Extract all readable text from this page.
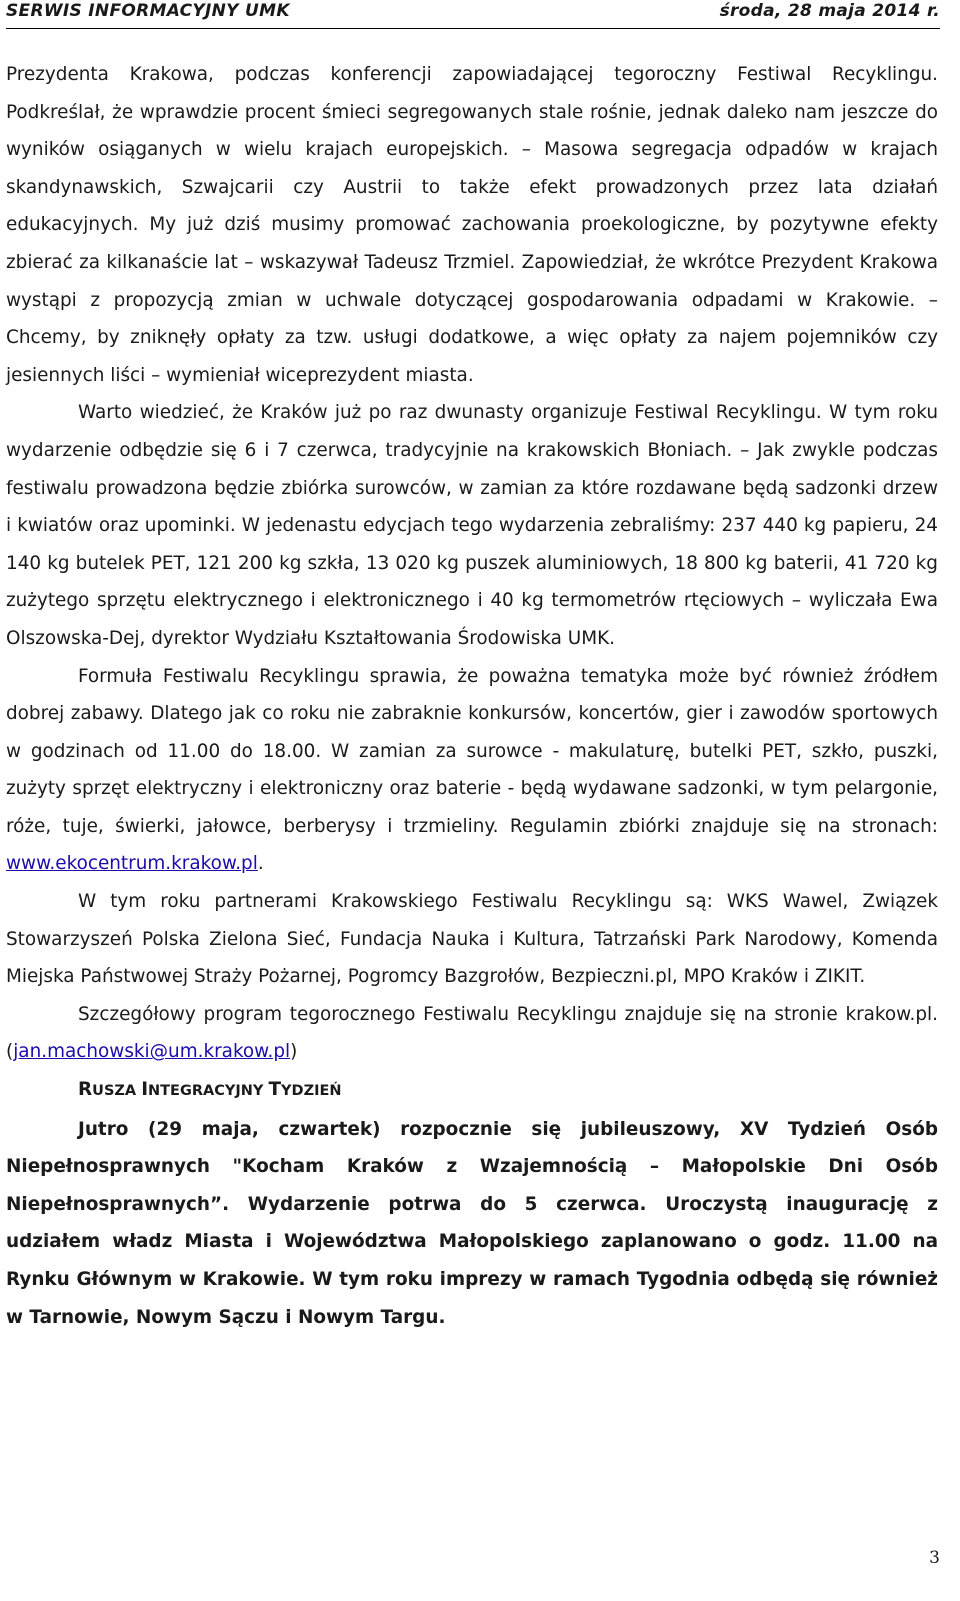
SERWIS INFORMACYJNY UMK	środa, 28 maja 2014 r.

Prezydenta Krakowa, podczas konferencji zapowiadającej tegoroczny Festiwal Recyklingu. Podkreślał, że wprawdzie procent śmieci segregowanych stale rośnie, jednak daleko nam jeszcze do wyników osiąganych w wielu krajach europejskich. – Masowa segregacja odpadów w krajach skandynawskich, Szwajcarii czy Austrii to także efekt prowadzonych przez lata działań edukacyjnych. My już dziś musimy promować zachowania proekologiczne, by pozytywne efekty zbierać za kilkanaście lat – wskazywał Tadeusz Trzmiel. Zapowiedział, że wkrótce Prezydent Krakowa wystąpi z propozycją zmian w uchwale dotyczącej gospodarowania odpadami w Krakowie. – Chcemy, by zniknęły opłaty za tzw. usługi dodatkowe, a więc opłaty za najem pojemników czy jesiennych liści – wymieniał wiceprezydent miasta.

Warto wiedzieć, że Kraków już po raz dwunasty organizuje Festiwal Recyklingu. W tym roku wydarzenie odbędzie się 6 i 7 czerwca, tradycyjnie na krakowskich Błoniach. – Jak zwykle podczas festiwalu prowadzona będzie zbiórka surowców, w zamian za które rozdawane będą sadzonki drzew i kwiatów oraz upominki. W jedenastu edycjach tego wydarzenia zebraliśmy: 237 440 kg papieru, 24 140 kg butelek PET, 121 200 kg szkła, 13 020 kg puszek aluminiowych, 18 800 kg baterii, 41 720 kg zużytego sprzętu elektrycznego i elektronicznego i 40 kg termometrów rtęciowych – wyliczała Ewa Olszowska-Dej, dyrektor Wydziału Kształtowania Środowiska UMK.

Formuła Festiwalu Recyklingu sprawia, że poważna tematyka może być również źródłem dobrej zabawy. Dlatego jak co roku nie zabraknie konkursów, koncertów, gier i zawodów sportowych w godzinach od 11.00 do 18.00. W zamian za surowce - makulaturę, butelki PET, szkło, puszki, zużyty sprzęt elektryczny i elektroniczny oraz baterie - będą wydawane sadzonki, w tym pelargonie, róże, tuje, świerki, jałowce, berberysy i trzmieliny. Regulamin zbiórki znajduje się na stronach: www.ekocentrum.krakow.pl.

W tym roku partnerami Krakowskiego Festiwalu Recyklingu są: WKS Wawel, Związek Stowarzyszeń Polska Zielona Sieć, Fundacja Nauka i Kultura, Tatrzański Park Narodowy, Komenda Miejska Państwowej Straży Pożarnej, Pogromcy Bazgrołów, Bezpieczni.pl, MPO Kraków i ZIKIT.

Szczegółowy program tegorocznego Festiwalu Recyklingu znajduje się na stronie krakow.pl. (jan.machowski@um.krakow.pl)

RUSZA INTEGRACYJNY TYDZIEŃ

Jutro (29 maja, czwartek) rozpocznie się jubileuszowy, XV Tydzień Osób Niepełnosprawnych "Kocham Kraków z Wzajemnością – Małopolskie Dni Osób Niepełnosprawnych”. Wydarzenie potrwa do 5 czerwca. Uroczystą inaugurację z udziałem władz Miasta i Województwa Małopolskiego zaplanowano o godz. 11.00 na Rynku Głównym w Krakowie. W tym roku imprezy w ramach Tygodnia odbędą się również w Tarnowie, Nowym Sączu i Nowym Targu.

3
